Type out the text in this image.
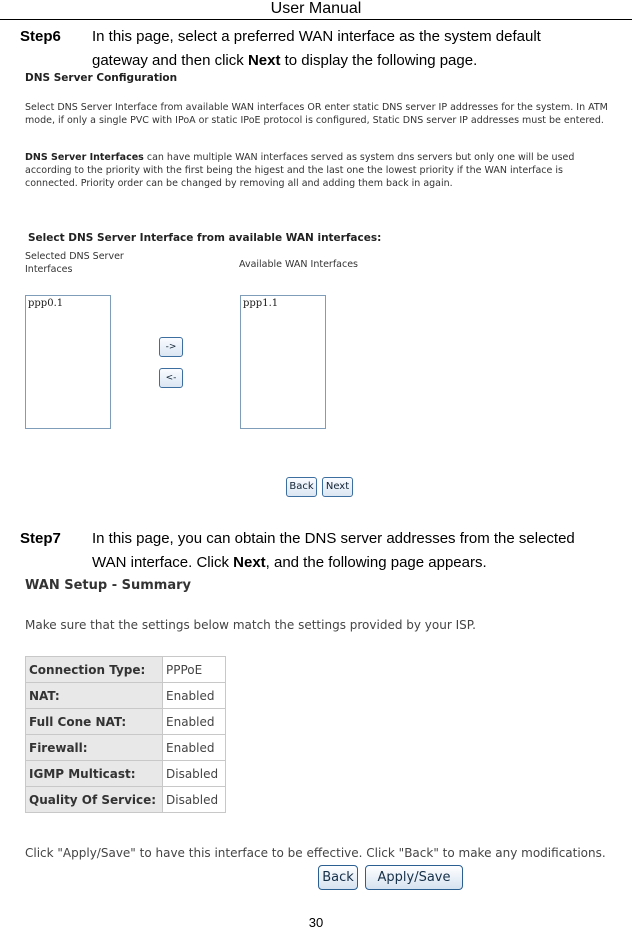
User Manual
Step6 In this page, select a preferred WAN interface as the system default
gateway and then click Next to display the following page.
DNS Server Configuration
Select DNS Server Interface from available WAN interfaces OR enter static DNS server IP addresses for the system. In ATM mode, if only a single PVC with IPoA or static IPoE protocol is configured, Static DNS server IP addresses must be entered.
DNS Server Interfaces can have multiple WAN interfaces served as system dns servers but only one will be used according to the priority with the first being the higest and the last one the lowest priority if the WAN interface is connected. Priority order can be changed by removing all and adding them back in again.
Select DNS Server Interface from available WAN interfaces:
Selected DNS Server
Interfaces	Available WAN Interfaces
ppp0.1	ppp1.1
->
<-
Back	Next
Step7 In this page, you can obtain the DNS server addresses from the selected
WAN interface. Click Next, and the following page appears.
WAN Setup - Summary
Make sure that the settings below match the settings provided by your ISP.
Connection Type:	PPPoE
NAT:	Enabled
Full Cone NAT:	Enabled
Firewall:	Enabled
IGMP Multicast:	Disabled
Quality Of Service:	Disabled
Click "Apply/Save" to have this interface to be effective. Click "Back" to make any modifications.
Back	Apply/Save
30
